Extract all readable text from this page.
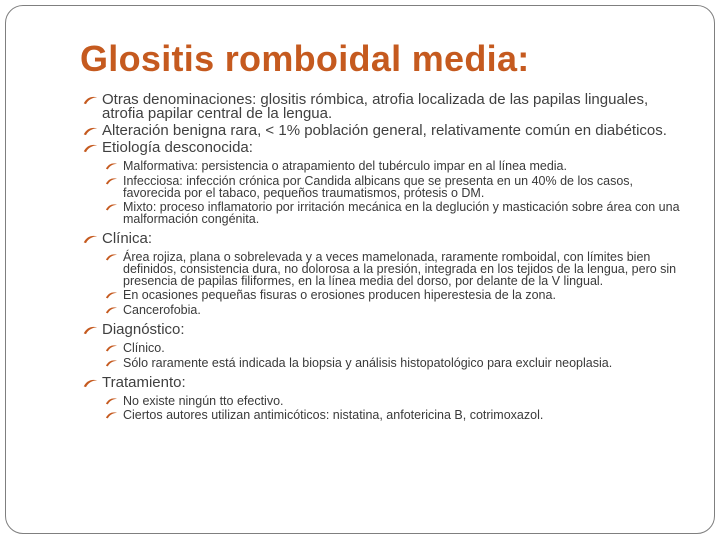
Glositis romboidal media:
Otras denominaciones: glositis rómbica, atrofia localizada de las papilas linguales, atrofia papilar central de la lengua.
Alteración benigna rara, < 1% población general, relativamente común en diabéticos.
Etiología desconocida:
Malformativa: persistencia o atrapamiento del tubérculo impar en al línea media.
Infecciosa: infección crónica por Candida albicans que se presenta en un 40% de los casos, favorecida por el tabaco, pequeños traumatismos, prótesis o DM.
Mixto: proceso inflamatorio por irritación mecánica en la deglución y masticación sobre área con una malformación congénita.
Clínica:
Área rojiza, plana o sobrelevada y a veces mamelonada, raramente romboidal, con límites bien definidos, consistencia dura, no dolorosa a la presión, integrada en los tejidos de la lengua, pero sin presencia de papilas filiformes, en la línea media del dorso, por delante de la V lingual.
En ocasiones pequeñas fisuras o erosiones producen hiperestesia de la zona.
Cancerofobia.
Diagnóstico:
Clínico.
Sólo raramente está indicada la biopsia y análisis histopatológico para excluir neoplasia.
Tratamiento:
No existe ningún tto efectivo.
Ciertos autores utilizan antimicóticos: nistatina, anfotericina B, cotrimoxazol.
